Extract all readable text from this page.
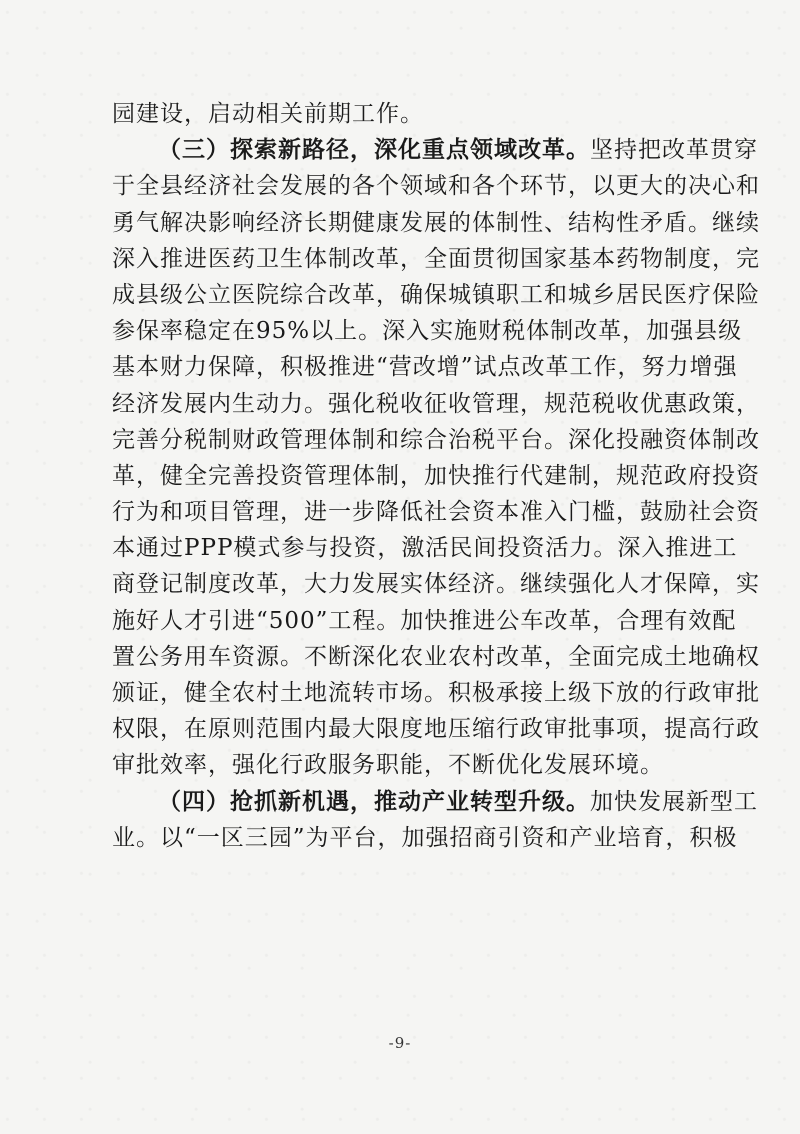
园建设，启动相关前期工作。
（三）探索新路径，深化重点领域改革。坚持把改革贯穿
于全县经济社会发展的各个领域和各个环节，以更大的决心和
勇气解决影响经济长期健康发展的体制性、结构性矛盾。继续
深入推进医药卫生体制改革，全面贯彻国家基本药物制度，完
成县级公立医院综合改革，确保城镇职工和城乡居民医疗保险
参保率稳定在95%以上。深入实施财税体制改革，加强县级
基本财力保障，积极推进“营改增”试点改革工作，努力增强
经济发展内生动力。强化税收征收管理，规范税收优惠政策，
完善分税制财政管理体制和综合治税平台。深化投融资体制改
革，健全完善投资管理体制，加快推行代建制，规范政府投资
行为和项目管理，进一步降低社会资本准入门槛，鼓励社会资
本通过PPP模式参与投资，激活民间投资活力。深入推进工
商登记制度改革，大力发展实体经济。继续强化人才保障，实
施好人才引进“500”工程。加快推进公车改革，合理有效配
置公务用车资源。不断深化农业农村改革，全面完成土地确权
颁证，健全农村土地流转市场。积极承接上级下放的行政审批
权限，在原则范围内最大限度地压缩行政审批事项，提高行政
审批效率，强化行政服务职能，不断优化发展环境。
（四）抢抓新机遇，推动产业转型升级。加快发展新型工
业。以“一区三园”为平台，加强招商引资和产业培育，积极
-9-
